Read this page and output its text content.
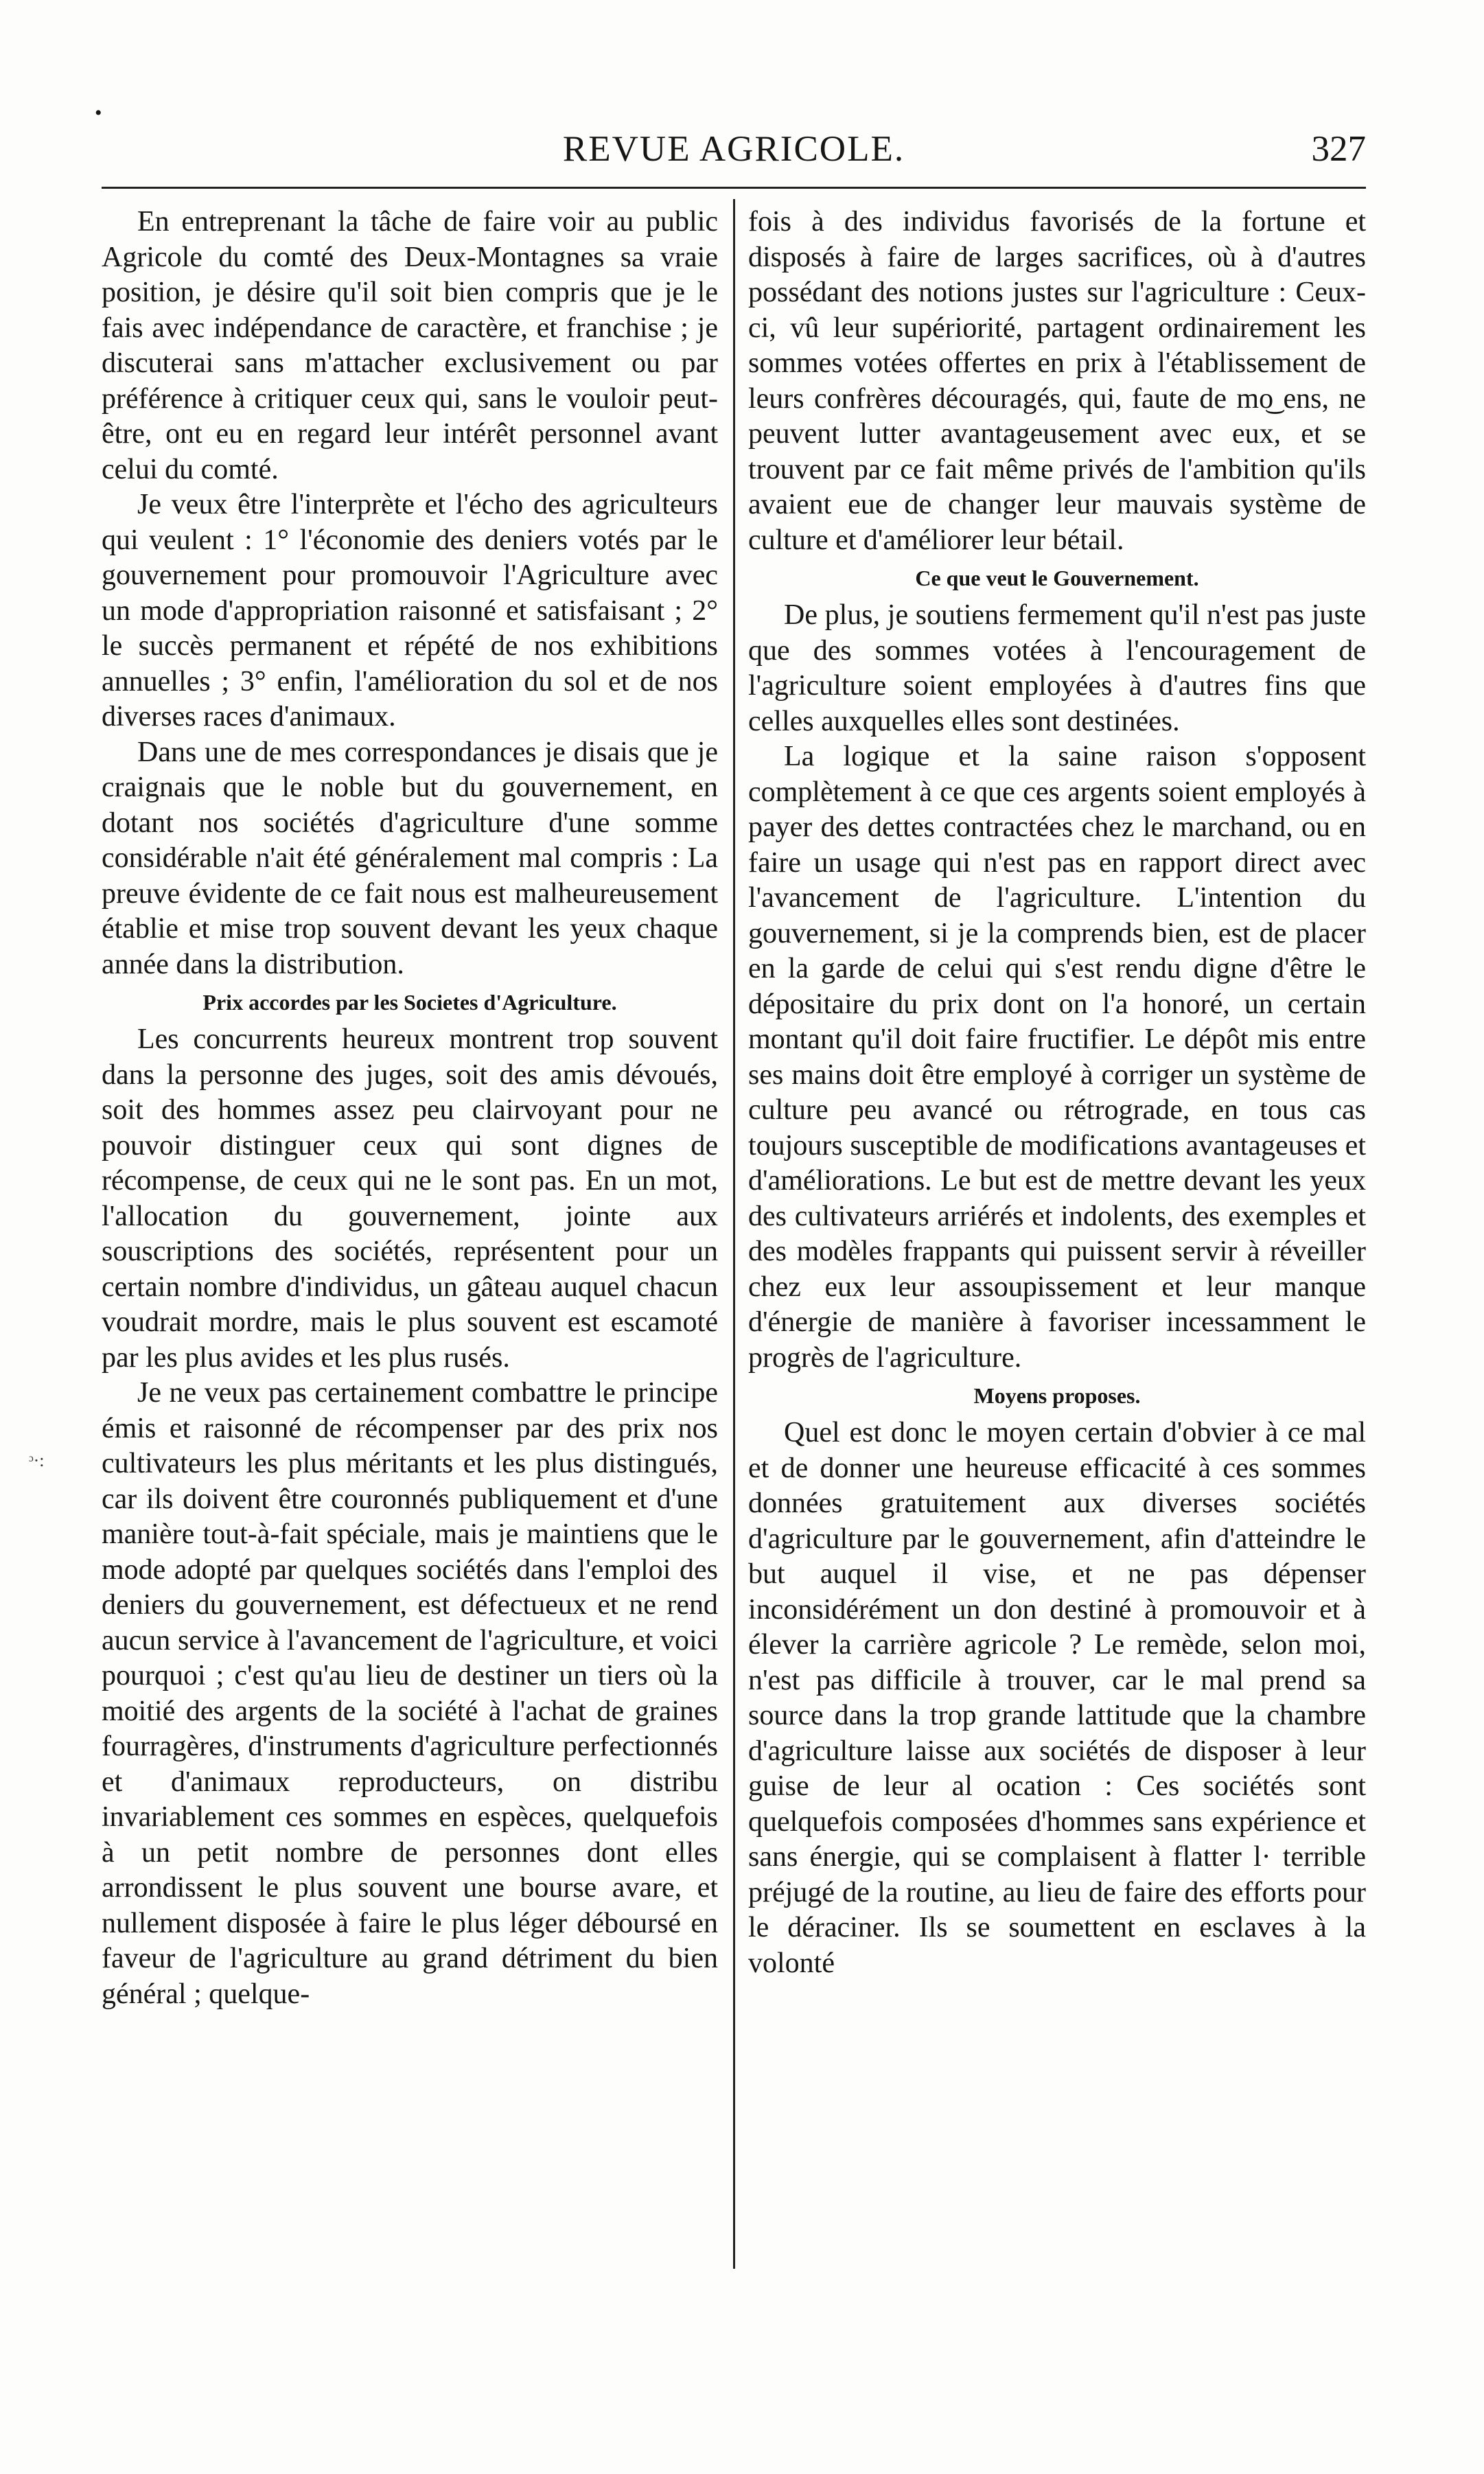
•
ᵓ·:
REVUE AGRICOLE.	327

En entreprenant la tâche de faire voir au public Agricole du comté des Deux-Montagnes sa vraie position, je désire qu'il soit bien compris que je le fais avec indépendance de caractère, et franchise ; je discuterai sans m'attacher exclusivement ou par préférence à critiquer ceux qui, sans le vouloir peut-être, ont eu en regard leur intérêt personnel avant celui du comté.

Je veux être l'interprète et l'écho des agriculteurs qui veulent : 1° l'économie des deniers votés par le gouvernement pour promouvoir l'Agriculture avec un mode d'appropriation raisonné et satisfaisant ; 2° le succès permanent et répété de nos exhibitions annuelles ; 3° enfin, l'amélioration du sol et de nos diverses races d'animaux.

Dans une de mes correspondances je disais que je craignais que le noble but du gouvernement, en dotant nos sociétés d'agriculture d'une somme considérable n'ait été généralement mal compris : La preuve évidente de ce fait nous est malheureusement établie et mise trop souvent devant les yeux chaque année dans la distribution.

Prix accordes par les Societes d'Agriculture.

Les concurrents heureux montrent trop souvent dans la personne des juges, soit des amis dévoués, soit des hommes assez peu clairvoyant pour ne pouvoir distinguer ceux qui sont dignes de récompense, de ceux qui ne le sont pas. En un mot, l'allocation du gouvernement, jointe aux souscriptions des sociétés, représentent pour un certain nombre d'individus, un gâteau auquel chacun voudrait mordre, mais le plus souvent est escamoté par les plus avides et les plus rusés.

Je ne veux pas certainement combattre le principe émis et raisonné de récompenser par des prix nos cultivateurs les plus méritants et les plus distingués, car ils doivent être couronnés publiquement et d'une manière tout-à-fait spéciale, mais je maintiens que le mode adopté par quelques sociétés dans l'emploi des deniers du gouvernement, est défectueux et ne rend aucun service à l'avancement de l'agriculture, et voici pourquoi ; c'est qu'au lieu de destiner un tiers où la moitié des argents de la société à l'achat de graines fourragères, d'instruments d'agriculture perfectionnés et d'animaux reproducteurs, on distribu invariablement ces sommes en espèces, quelquefois à un petit nombre de personnes dont elles arrondissent le plus souvent une bourse avare, et nullement disposée à faire le plus léger déboursé en faveur de l'agriculture au grand détriment du bien général ; quelque-

fois à des individus favorisés de la fortune et disposés à faire de larges sacrifices, où à d'autres possédant des notions justes sur l'agriculture : Ceux-ci, vû leur supériorité, partagent ordinairement les sommes votées offertes en prix à l'établissement de leurs confrères découragés, qui, faute de mo͜ ens, ne peuvent lutter avantageusement avec eux, et se trouvent par ce fait même privés de l'ambition qu'ils avaient eue de changer leur mauvais système de culture et d'améliorer leur bétail.

Ce que veut le Gouvernement.

De plus, je soutiens fermement qu'il n'est pas juste que des sommes votées à l'encouragement de l'agriculture soient employées à d'autres fins que celles auxquelles elles sont destinées.

La logique et la saine raison s'opposent complètement à ce que ces argents soient employés à payer des dettes contractées chez le marchand, ou en faire un usage qui n'est pas en rapport direct avec l'avancement de l'agriculture. L'intention du gouvernement, si je la comprends bien, est de placer en la garde de celui qui s'est rendu digne d'être le dépositaire du prix dont on l'a honoré, un certain montant qu'il doit faire fructifier. Le dépôt mis entre ses mains doit être employé à corriger un système de culture peu avancé ou rétrograde, en tous cas toujours susceptible de modifications avantageuses et d'améliorations. Le but est de mettre devant les yeux des cultivateurs arriérés et indolents, des exemples et des modèles frappants qui puissent servir à réveiller chez eux leur assoupissement et leur manque d'énergie de manière à favoriser incessamment le progrès de l'agriculture.

Moyens proposes.

Quel est donc le moyen certain d'obvier à ce mal et de donner une heureuse efficacité à ces sommes données gratuitement aux diverses sociétés d'agriculture par le gouvernement, afin d'atteindre le but auquel il vise, et ne pas dépenser inconsidérément un don destiné à promouvoir et à élever la carrière agricole ? Le remède, selon moi, n'est pas difficile à trouver, car le mal prend sa source dans la trop grande lattitude que la chambre d'agriculture laisse aux sociétés de disposer à leur guise de leur al ocation : Ces sociétés sont quelquefois composées d'hommes sans expérience et sans énergie, qui se complaisent à flatter l· terrible préjugé de la routine, au lieu de faire des efforts pour le déraciner. Ils se soumettent en esclaves à la volonté
